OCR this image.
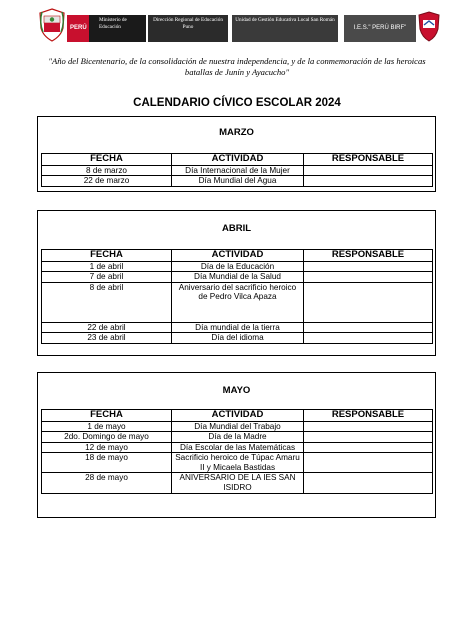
PERÚ
Ministerio de Educación
Dirección Regional de Educación Puno
Unidad de Gestión Educativa Local San Román
I.E.S." PERÚ BIRF"
"Año del Bicentenario, de la consolidación de nuestra independencia, y de la conmemoración de las heroicas batallas de Junín y Ayacucho"
CALENDARIO CÍVICO ESCOLAR 2024
MARZO
FECHA	ACTIVIDAD	RESPONSABLE
8 de marzo	Día Internacional de la Mujer	
22 de marzo	Día Mundial del Agua	
ABRIL
FECHA	ACTIVIDAD	RESPONSABLE
1 de abril	Día de la Educación	
7 de abril	Día Mundial de la Salud	
8 de abril	Aniversario del sacrificio heroico de Pedro Vilca Apaza	
22 de abril	Día mundial de la tierra	
23 de abril	Día del idioma	
MAYO
FECHA	ACTIVIDAD	RESPONSABLE
1 de mayo	Día Mundial del Trabajo	
2do. Domingo de mayo	Día de la Madre	
12 de mayo	Día Escolar de las Matemáticas	
18 de mayo	Sacrificio heroico de Túpac Amaru II y Micaela Bastidas	
28 de mayo	ANIVERSARIO DE LA IES SAN ISIDRO	
